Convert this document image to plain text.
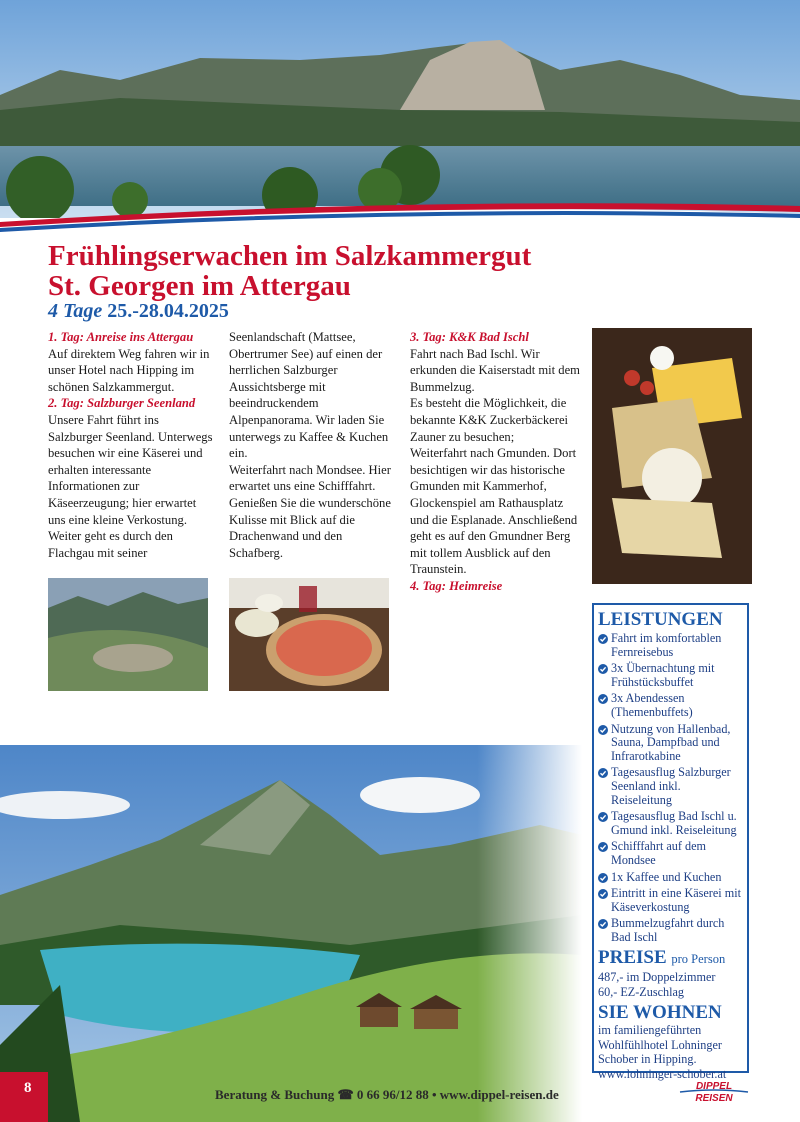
Frühlingserwachen im Salzkammergut
St. Georgen im Attergau
4 Tage 25.-28.04.2025

1. Tag: Anreise ins Attergau

Auf direktem Weg fahren wir in unser Hotel nach Hipping im schönen Salzkammergut.

2. Tag: Salzburger Seenland

Unsere Fahrt führt ins Salzburger Seenland. Unterwegs besuchen wir eine Käserei und erhalten interessante Informationen zur Käseerzeugung; hier erwartet uns eine kleine Verkostung. Weiter geht es durch den Flachgau mit seiner

Seenlandschaft (Mattsee, Obertrumer See) auf einen der herrlichen Salzburger Aussichtsberge mit beeindruckendem Alpenpanorama. Wir laden Sie unterwegs zu Kaffee & Kuchen ein.

Weiterfahrt nach Mondsee. Hier erwartet uns eine Schifffahrt. Genießen Sie die wunderschöne Kulisse mit Blick auf die Drachenwand und den Schafberg.

3. Tag: K&K Bad Ischl

Fahrt nach Bad Ischl. Wir erkunden die Kaiserstadt mit dem Bummelzug.

Es besteht die Möglichkeit, die bekannte K&K Zuckerbäckerei Zauner zu besuchen;

Weiterfahrt nach Gmunden. Dort besichtigen wir das historische Gmunden mit Kammerhof, Glockenspiel am Rathausplatz und die Esplanade. Anschließend geht es auf den Gmundner Berg mit tollem Ausblick auf den Traunstein.

4. Tag: Heimreise

LEISTUNGEN

Fahrt im komfortablen Fernreisebus
3x Übernachtung mit Frühstücksbuffet
3x Abendessen (Themenbuffets)
Nutzung von Hallenbad, Sauna, Dampfbad und Infrarotkabine
Tagesausflug Salzburger Seenland inkl. Reiseleitung
Tagesausflug Bad Ischl u. Gmund inkl. Reiseleitung
Schifffahrt auf dem Mondsee
1x Kaffee und Kuchen
Eintritt in eine Käserei mit Käseverkostung
Bummelzugfahrt durch Bad Ischl

PREISE pro Person

487,- im Doppelzimmer

60,- EZ-Zuschlag

SIE WOHNEN

im familiengeführten Wohlfühlhotel Lohninger Schober in Hipping.

www.lohninger-schober.at

8	Beratung & Buchung ☎ 0 66 96/12 88 • www.dippel-reisen.de
DIPPEL
REISEN
